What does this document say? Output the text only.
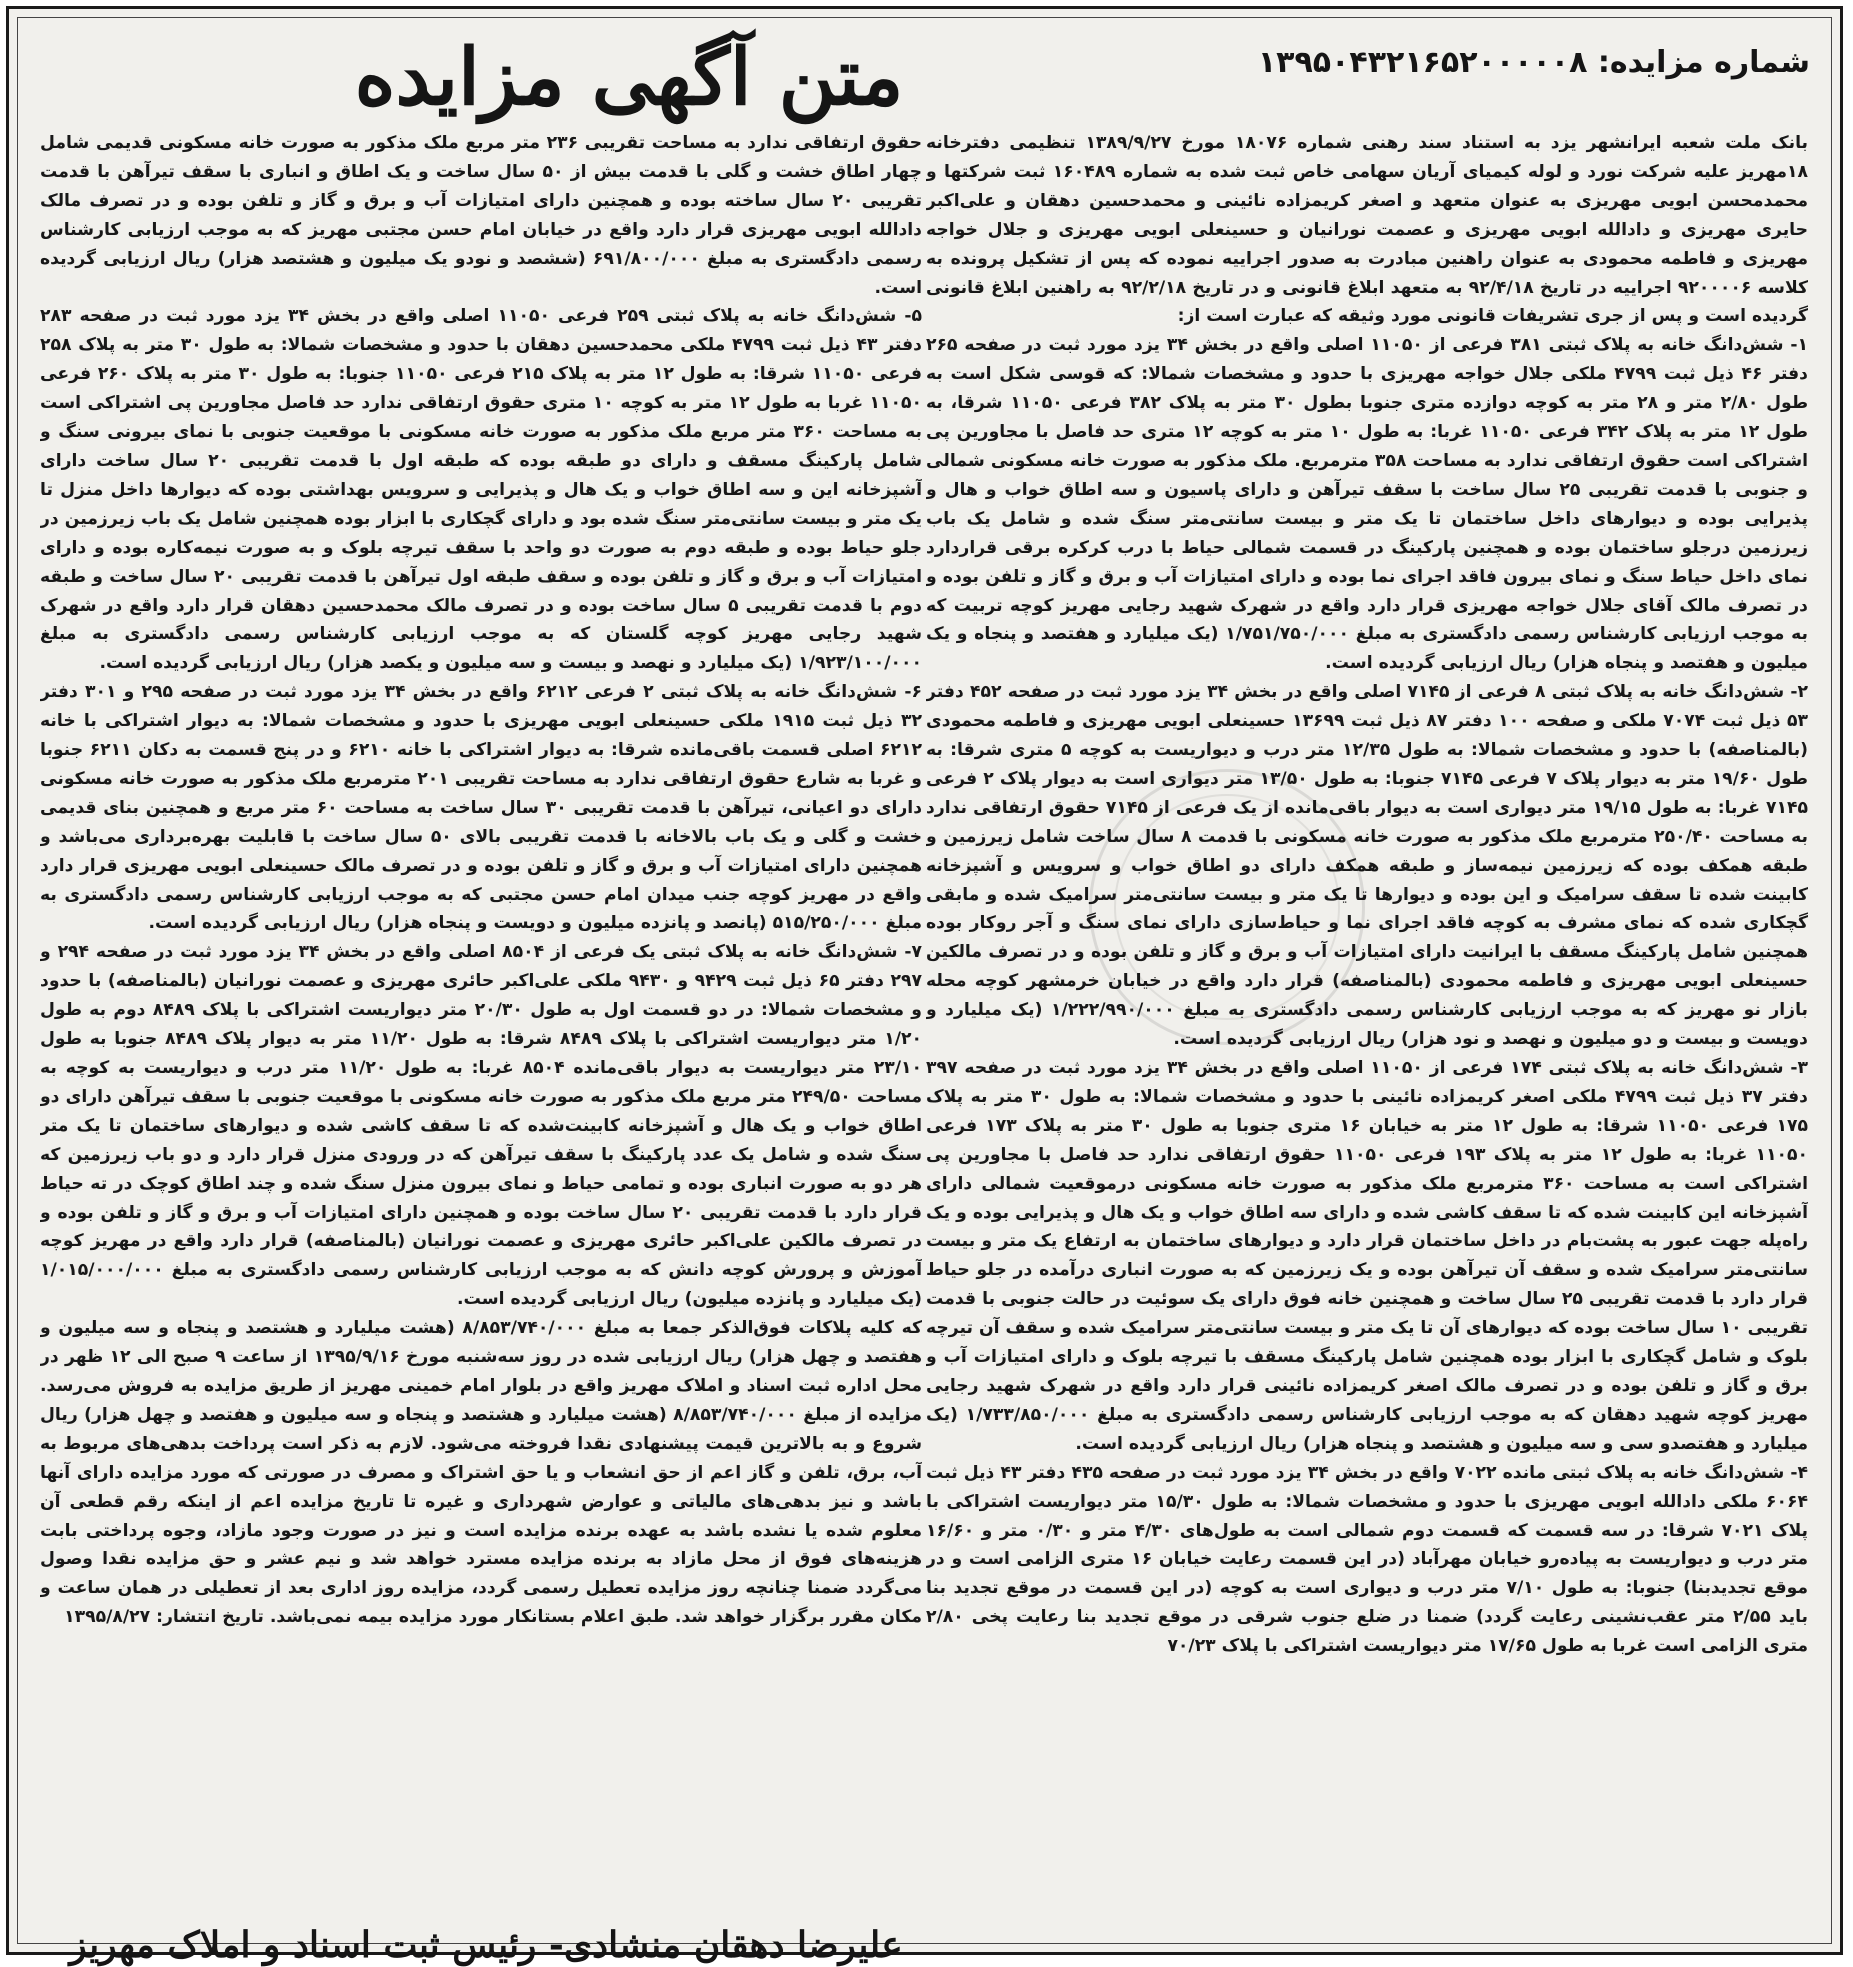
شماره مزایده: ۱۳۹۵۰۴۳۲۱۶۵۲۰۰۰۰۰۸
متن آگهی مزایده

بانک ملت شعبه ایرانشهر یزد به استناد سند رهنی شماره ۱۸۰۷۶ مورخ ۱۳۸۹/۹/۲۷ تنظیمی دفترخانه ۱۸مهریز علیه شرکت نورد و لوله کیمیای آریان سهامی خاص ثبت شده به شماره ۱۶۰۴۸۹ ثبت شرکتها و محمدمحسن ابویی مهریزی به عنوان متعهد و اصغر کریمزاده نائینی و محمدحسین دهقان و علی‌اکبر حایری مهریزی و دادالله ابویی مهریزی و عصمت نورانیان و حسینعلی ابویی مهریزی و جلال خواجه مهریزی و فاطمه محمودی به عنوان راهنین مبادرت به صدور اجراییه نموده که پس از تشکیل پرونده به کلاسه ۹۲۰۰۰۰۶ اجراییه در تاریخ ۹۲/۴/۱۸ به متعهد ابلاغ قانونی و در تاریخ ۹۲/۲/۱۸ به راهنین ابلاغ قانونی گردیده است و پس از جری تشریفات قانونی مورد وثیقه که عبارت است از:

۱- شش‌دانگ خانه به پلاک ثبتی ۳۸۱ فرعی از ۱۱۰۵۰ اصلی واقع در بخش ۳۴ یزد مورد ثبت در صفحه ۲۶۵ دفتر ۴۶ ذیل ثبت ۴۷۹۹ ملکی جلال خواجه مهریزی با حدود و مشخصات شمالا: که قوسی شکل است به طول ۲/۸۰ متر و ۲۸ متر به کوچه دوازده متری جنوبا بطول ۳۰ متر به پلاک ۳۸۲ فرعی ۱۱۰۵۰ شرقا، به طول ۱۲ متر به پلاک ۳۴۲ فرعی ۱۱۰۵۰ غربا: به طول ۱۰ متر به کوچه ۱۲ متری حد فاصل با مجاورین پی اشتراکی است حقوق ارتفاقی ندارد به مساحت ۳۵۸ مترمربع. ملک مذکور به صورت خانه مسکونی شمالی و جنوبی با قدمت تقریبی ۲۵ سال ساخت با سقف تیرآهن و دارای پاسیون و سه اطاق خواب و هال و پذیرایی بوده و دیوارهای داخل ساختمان تا یک متر و بیست سانتی‌متر سنگ شده و شامل یک باب زیرزمین درجلو ساختمان بوده و همچنین پارکینگ در قسمت شمالی حیاط با درب کرکره برقی قراردارد نمای داخل حیاط سنگ و نمای بیرون فاقد اجرای نما بوده و دارای امتیازات آب و برق و گاز و تلفن بوده و در تصرف مالک آقای جلال خواجه مهریزی قرار دارد واقع در شهرک شهید رجایی مهریز کوچه تربیت که به موجب ارزیابی کارشناس رسمی دادگستری به مبلغ ۱/۷۵۱/۷۵۰/۰۰۰ (یک میلیارد و هفتصد و پنجاه و یک میلیون و هفتصد و پنجاه هزار) ریال ارزیابی گردیده است.

۲- شش‌دانگ خانه به پلاک ثبتی ۸ فرعی از ۷۱۴۵ اصلی واقع در بخش ۳۴ یزد مورد ثبت در صفحه ۴۵۲ دفتر ۵۳ ذیل ثبت ۷۰۷۴ ملکی و صفحه ۱۰۰ دفتر ۸۷ ذیل ثبت ۱۳۶۹۹ حسینعلی ابویی مهریزی و فاطمه محمودی (بالمناصفه) با حدود و مشخصات شمالا: به طول ۱۲/۳۵ متر درب و دیواریست به کوچه ۵ متری شرقا: به طول ۱۹/۶۰ متر به دیوار پلاک ۷ فرعی ۷۱۴۵ جنوبا: به طول ۱۳/۵۰ متر دیواری است به دیوار پلاک ۲ فرعی ۷۱۴۵ غربا: به طول ۱۹/۱۵ متر دیواری است به دیوار باقی‌مانده از یک فرعی از ۷۱۴۵ حقوق ارتفاقی ندارد به مساحت ۲۵۰/۴۰ مترمربع ملک مذکور به صورت خانه مسکونی با قدمت ۸ سال ساخت شامل زیرزمین و طبقه همکف بوده که زیرزمین نیمه‌ساز و طبقه همکف دارای دو اطاق خواب و سرویس و آشپزخانه کابینت شده تا سقف سرامیک و این بوده و دیوارها تا یک متر و بیست سانتی‌متر سرامیک شده و مابقی گچکاری شده که نمای مشرف به کوچه فاقد اجرای نما و حیاط‌سازی دارای نمای سنگ و آجر روکار بوده همچنین شامل پارکینگ مسقف با ایرانیت دارای امتیازات آب و برق و گاز و تلفن بوده و در تصرف مالکین حسینعلی ابویی مهریزی و فاطمه محمودی (بالمناصفه) قرار دارد واقع در خیابان خرمشهر کوچه محله بازار نو مهریز که به موجب ارزیابی کارشناس رسمی دادگستری به مبلغ ۱/۲۲۲/۹۹۰/۰۰۰ (یک میلیارد و دویست و بیست و دو میلیون و نهصد و نود هزار) ریال ارزیابی گردیده است.

۳- شش‌دانگ خانه به پلاک ثبتی ۱۷۴ فرعی از ۱۱۰۵۰ اصلی واقع در بخش ۳۴ یزد مورد ثبت در صفحه ۳۹۷ دفتر ۳۷ ذیل ثبت ۴۷۹۹ ملکی اصغر کریمزاده نائینی با حدود و مشخصات شمالا: به طول ۳۰ متر به پلاک ۱۷۵ فرعی ۱۱۰۵۰ شرقا: به طول ۱۲ متر به خیابان ۱۶ متری جنوبا به طول ۳۰ متر به پلاک ۱۷۳ فرعی ۱۱۰۵۰ غربا: به طول ۱۲ متر به پلاک ۱۹۳ فرعی ۱۱۰۵۰ حقوق ارتفاقی ندارد حد فاصل با مجاورین پی اشتراکی است به مساحت ۳۶۰ مترمربع ملک مذکور به صورت خانه مسکونی درموقعیت شمالی دارای آشپزخانه این کابینت شده که تا سقف کاشی شده و دارای سه اطاق خواب و یک هال و پذیرایی بوده و یک راه‌پله جهت عبور به پشت‌بام در داخل ساختمان قرار دارد و دیوارهای ساختمان به ارتفاع یک متر و بیست سانتی‌متر سرامیک شده و سقف آن تیرآهن بوده و یک زیرزمین که به صورت انباری درآمده در جلو حیاط قرار دارد با قدمت تقریبی ۲۵ سال ساخت و همچنین خانه فوق دارای یک سوئیت در حالت جنوبی با قدمت تقریبی ۱۰ سال ساخت بوده که دیوارهای آن تا یک متر و بیست سانتی‌متر سرامیک شده و سقف آن تیرچه بلوک و شامل گچکاری با ابزار بوده همچنین شامل پارکینگ مسقف با تیرچه بلوک و دارای امتیازات آب و برق و گاز و تلفن بوده و در تصرف مالک اصغر کریمزاده نائینی قرار دارد واقع در شهرک شهید رجایی مهریز کوچه شهید دهقان که به موجب ارزیابی کارشناس رسمی دادگستری به مبلغ ۱/۷۳۳/۸۵۰/۰۰۰ (یک میلیارد و هفتصدو سی و سه میلیون و هشتصد و پنجاه هزار) ریال ارزیابی گردیده است.

۴- شش‌دانگ خانه به پلاک ثبتی مانده ۷۰۲۲ واقع در بخش ۳۴ یزد مورد ثبت در صفحه ۴۳۵ دفتر ۴۳ ذیل ثبت ۶۰۶۴ ملکی دادالله ابویی مهریزی با حدود و مشخصات شمالا: به طول ۱۵/۳۰ متر دیواریست اشتراکی با پلاک ۷۰۲۱ شرقا: در سه قسمت که قسمت دوم شمالی است به طول‌های ۴/۳۰ متر و ۰/۳۰ متر و ۱۶/۶۰ متر درب و دیواریست به پیاده‌رو خیابان مهرآباد (در این قسمت رعایت خیابان ۱۶ متری الزامی است و در موقع تجدیدبنا) جنوبا: به طول ۷/۱۰ متر درب و دیواری است به کوچه (در این قسمت در موقع تجدید بنا باید ۲/۵۵ متر عقب‌نشینی رعایت گردد) ضمنا در ضلع جنوب شرقی در موقع تجدید بنا رعایت پخی ۲/۸۰ متری الزامی است غربا به طول ۱۷/۶۵ متر دیواریست اشتراکی با پلاک ۷۰/۲۳

حقوق ارتفاقی ندارد به مساحت تقریبی ۲۳۶ متر مربع ملک مذکور به صورت خانه مسکونی قدیمی شامل چهار اطاق خشت و گلی با قدمت بیش از ۵۰ سال ساخت و یک اطاق و انباری با سقف تیرآهن با قدمت تقریبی ۲۰ سال ساخته بوده و همچنین دارای امتیازات آب و برق و گاز و تلفن بوده و در تصرف مالک دادالله ابویی مهریزی قرار دارد واقع در خیابان امام حسن مجتبی مهریز که به موجب ارزیابی کارشناس رسمی دادگستری به مبلغ ۶۹۱/۸۰۰/۰۰۰ (ششصد و نودو یک میلیون و هشتصد هزار) ریال ارزیابی گردیده است.

۵- شش‌دانگ خانه به پلاک ثبتی ۲۵۹ فرعی ۱۱۰۵۰ اصلی واقع در بخش ۳۴ یزد مورد ثبت در صفحه ۲۸۳ دفتر ۴۳ ذیل ثبت ۴۷۹۹ ملکی محمدحسین دهقان با حدود و مشخصات شمالا: به طول ۳۰ متر به پلاک ۲۵۸ فرعی ۱۱۰۵۰ شرقا: به طول ۱۲ متر به پلاک ۲۱۵ فرعی ۱۱۰۵۰ جنوبا: به طول ۳۰ متر به پلاک ۲۶۰ فرعی ۱۱۰۵۰ غربا به طول ۱۲ متر به کوچه ۱۰ متری حقوق ارتفاقی ندارد حد فاصل مجاورین پی اشتراکی است به مساحت ۳۶۰ متر مربع ملک مذکور به صورت خانه مسکونی با موقعیت جنوبی با نمای بیرونی سنگ و شامل پارکینگ مسقف و دارای دو طبقه بوده که طبقه اول با قدمت تقریبی ۲۰ سال ساخت دارای آشپزخانه این و سه اطاق خواب و یک هال و پذیرایی و سرویس بهداشتی بوده که دیوارها داخل منزل تا یک متر و بیست سانتی‌متر سنگ شده بود و دارای گچکاری با ابزار بوده همچنین شامل یک باب زیرزمین در جلو حیاط بوده و طبقه دوم به صورت دو واحد با سقف تیرچه بلوک و به صورت نیمه‌کاره بوده و دارای امتیازات آب و برق و گاز و تلفن بوده و سقف طبقه اول تیرآهن با قدمت تقریبی ۲۰ سال ساخت و طبقه دوم با قدمت تقریبی ۵ سال ساخت بوده و در تصرف مالک محمدحسین دهقان قرار دارد واقع در شهرک شهید رجایی مهریز کوچه گلستان که به موجب ارزیابی کارشناس رسمی دادگستری به مبلغ ۱/۹۲۳/۱۰۰/۰۰۰ (یک میلیارد و نهصد و بیست و سه میلیون و یکصد هزار) ریال ارزیابی گردیده است.

۶- شش‌دانگ خانه به پلاک ثبتی ۲ فرعی ۶۲۱۲ واقع در بخش ۳۴ یزد مورد ثبت در صفحه ۲۹۵ و ۳۰۱ دفتر ۳۲ ذیل ثبت ۱۹۱۵ ملکی حسینعلی ابویی مهریزی با حدود و مشخصات شمالا: به دیوار اشتراکی با خانه ۶۲۱۲ اصلی قسمت باقی‌مانده شرقا: به دیوار اشتراکی با خانه ۶۲۱۰ و در پنج قسمت به دکان ۶۲۱۱ جنوبا و غربا به شارع حقوق ارتفاقی ندارد به مساحت تقریبی ۲۰۱ مترمربع ملک مذکور به صورت خانه مسکونی دارای دو اعیانی، تیرآهن با قدمت تقریبی ۳۰ سال ساخت به مساحت ۶۰ متر مربع و همچنین بنای قدیمی خشت و گلی و یک باب بالاخانه با قدمت تقریبی بالای ۵۰ سال ساخت با قابلیت بهره‌برداری می‌باشد و همچنین دارای امتیازات آب و برق و گاز و تلفن بوده و در تصرف مالک حسینعلی ابویی مهریزی قرار دارد واقع در مهریز کوچه جنب میدان امام حسن مجتبی که به موجب ارزیابی کارشناس رسمی دادگستری به مبلغ ۵۱۵/۲۵۰/۰۰۰ (پانصد و پانزده میلیون و دویست و پنجاه هزار) ریال ارزیابی گردیده است.

۷- شش‌دانگ خانه به پلاک ثبتی یک فرعی از ۸۵۰۴ اصلی واقع در بخش ۳۴ یزد مورد ثبت در صفحه ۲۹۴ و ۲۹۷ دفتر ۶۵ ذیل ثبت ۹۴۲۹ و ۹۴۳۰ ملکی علی‌اکبر حائری مهریزی و عصمت نورانیان (بالمناصفه) با حدود و مشخصات شمالا: در دو قسمت اول به طول ۲۰/۳۰ متر دیواریست اشتراکی با پلاک ۸۴۸۹ دوم به طول ۱/۲۰ متر دیواریست اشتراکی با پلاک ۸۴۸۹ شرقا: به طول ۱۱/۲۰ متر به دیوار پلاک ۸۴۸۹ جنوبا به طول ۲۳/۱۰ متر دیواریست به دیوار باقی‌مانده ۸۵۰۴ غربا: به طول ۱۱/۲۰ متر درب و دیواریست به کوچه به مساحت ۲۴۹/۵۰ متر مربع ملک مذکور به صورت خانه مسکونی با موقعیت جنوبی با سقف تیرآهن دارای دو اطاق خواب و یک هال و آشپزخانه کابینت‌شده که تا سقف کاشی شده و دیوارهای ساختمان تا یک متر سنگ شده و شامل یک عدد پارکینگ با سقف تیرآهن که در ورودی منزل قرار دارد و دو باب زیرزمین که هر دو به صورت انباری بوده و تمامی حیاط و نمای بیرون منزل سنگ شده و چند اطاق کوچک در ته حیاط قرار دارد با قدمت تقریبی ۲۰ سال ساخت بوده و همچنین دارای امتیازات آب و برق و گاز و تلفن بوده و در تصرف مالکین علی‌اکبر حائری مهریزی و عصمت نورانیان (بالمناصفه) قرار دارد واقع در مهریز کوچه آموزش و پرورش کوچه دانش که به موجب ارزیابی کارشناس رسمی دادگستری به مبلغ ۱/۰۱۵/۰۰۰/۰۰۰ (یک میلیارد و پانزده میلیون) ریال ارزیابی گردیده است.

که کلیه پلاکات فوق‌الذکر جمعا به مبلغ ۸/۸۵۳/۷۴۰/۰۰۰ (هشت میلیارد و هشتصد و پنجاه و سه میلیون و هفتصد و چهل هزار) ریال ارزیابی شده در روز سه‌شنبه مورخ ۱۳۹۵/۹/۱۶ از ساعت ۹ صبح الی ۱۲ ظهر در محل اداره ثبت اسناد و املاک مهریز واقع در بلوار امام خمینی مهریز از طریق مزایده به فروش می‌رسد. مزایده از مبلغ ۸/۸۵۳/۷۴۰/۰۰۰ (هشت میلیارد و هشتصد و پنجاه و سه میلیون و هفتصد و چهل هزار) ریال شروع و به بالاترین قیمت پیشنهادی نقدا فروخته می‌شود. لازم به ذکر است پرداخت بدهی‌های مربوط به آب، برق، تلفن و گاز اعم از حق انشعاب و یا حق اشتراک و مصرف در صورتی که مورد مزایده دارای آنها باشد و نیز بدهی‌های مالیاتی و عوارض شهرداری و غیره تا تاریخ مزایده اعم از اینکه رقم قطعی آن معلوم شده یا نشده باشد به عهده برنده مزایده است و نیز در صورت وجود مازاد، وجوه پرداختی بابت هزینه‌های فوق از محل مازاد به برنده مزایده مسترد خواهد شد و نیم عشر و حق مزایده نقدا وصول می‌گردد ضمنا چنانچه روز مزایده تعطیل رسمی گردد، مزایده روز اداری بعد از تعطیلی در همان ساعت و مکان مقرر برگزار خواهد شد. طبق اعلام بستانکار مورد مزایده بیمه نمی‌باشد. تاریخ انتشار: ۱۳۹۵/۸/۲۷

علیرضا دهقان منشادی- رئیس ثبت اسناد و املاک مهریز
